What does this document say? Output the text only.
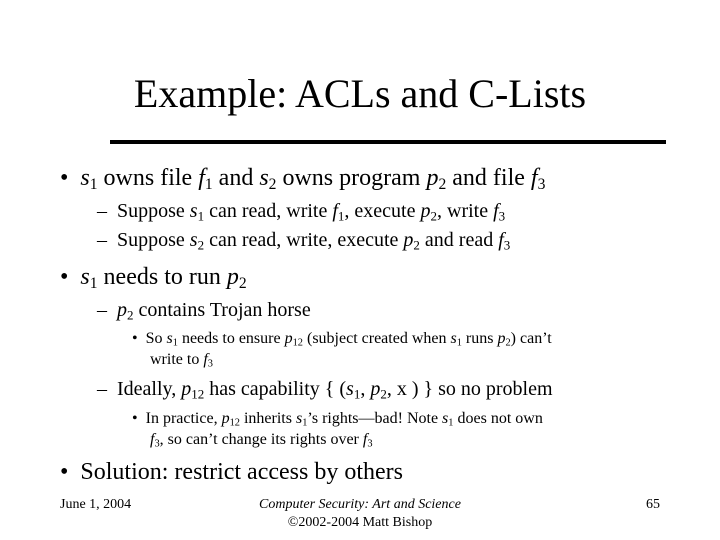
Example: ACLs and C-Lists
• $s_1$ owns file $f_1$ and $s_2$ owns program $p_2$ and file $f_3$
– Suppose $s_1$ can read, write $f_1$, execute $p_2$, write $f_3$
– Suppose $s_2$ can read, write, execute $p_2$ and read $f_3$
• $s_1$ needs to run $p_2$
– $p_2$ contains Trojan horse
• So $s_1$ needs to ensure $p_{12}$ (subject created when $s_1$ runs $p_2$) can’t
write to $f_3$
– Ideally, $p_{12}$ has capability { ($s_1$, $p_2$, x ) } so no problem
• In practice, $p_{12}$ inherits $s_1’s$ rights—bad! Note $s_1$ does not own
$f_3$, so can’t change its rights over $f_3$
• Solution: restrict access by others
June 1, 2004	Computer Security: Art and Science
©2002-2004 Matt Bishop
65
